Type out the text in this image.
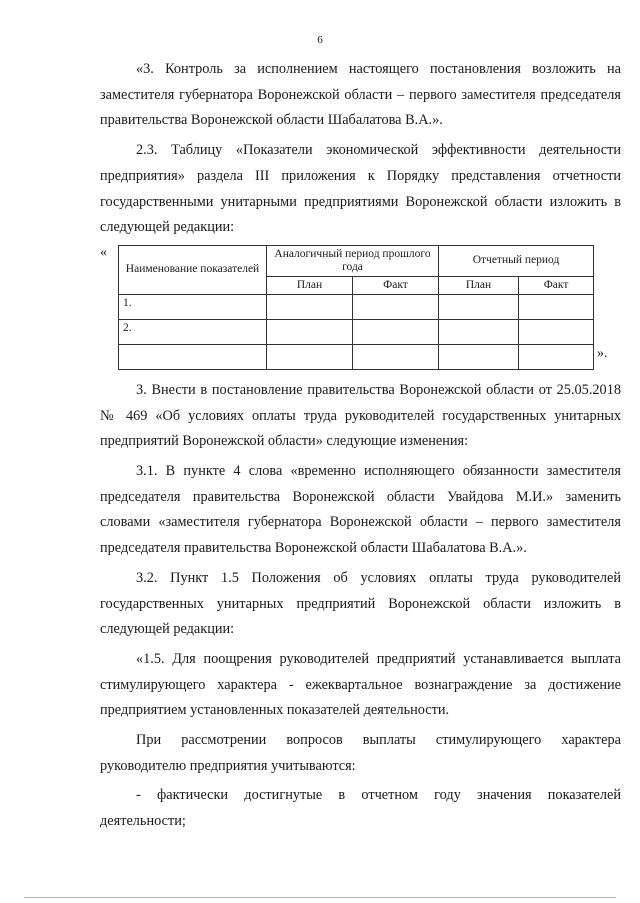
6

«3. Контроль за исполнением настоящего постановления возложить на заместителя губернатора Воронежской области – первого заместителя председателя правительства Воронежской области Шабалатова В.А.».

2.3. Таблицу «Показатели экономической эффективности деятельности предприятия» раздела III приложения к Порядку представления отчетности государственными унитарными предприятиями Воронежской области изложить в следующей редакции:

«
Наименование показателей	Аналогичный период прошлого года		Отчетный период	
	План	Факт	План	Факт
1.				
2.				

».

3. Внести в постановление правительства Воронежской области от 25.05.2018 № 469 «Об условиях оплаты труда руководителей государственных унитарных предприятий Воронежской области» следующие изменения:

3.1. В пункте 4 слова «временно исполняющего обязанности заместителя председателя правительства Воронежской области Увайдова М.И.» заменить словами «заместителя губернатора Воронежской области – первого заместителя председателя правительства Воронежской области Шабалатова В.А.».

3.2. Пункт 1.5 Положения об условиях оплаты труда руководителей государственных унитарных предприятий Воронежской области изложить в следующей редакции:

«1.5. Для поощрения руководителей предприятий устанавливается выплата стимулирующего характера - ежеквартальное вознаграждение за достижение предприятием установленных показателей деятельности.

При рассмотрении вопросов выплаты стимулирующего характера руководителю предприятия учитываются:

- фактически достигнутые в отчетном году значения показателей деятельности;
